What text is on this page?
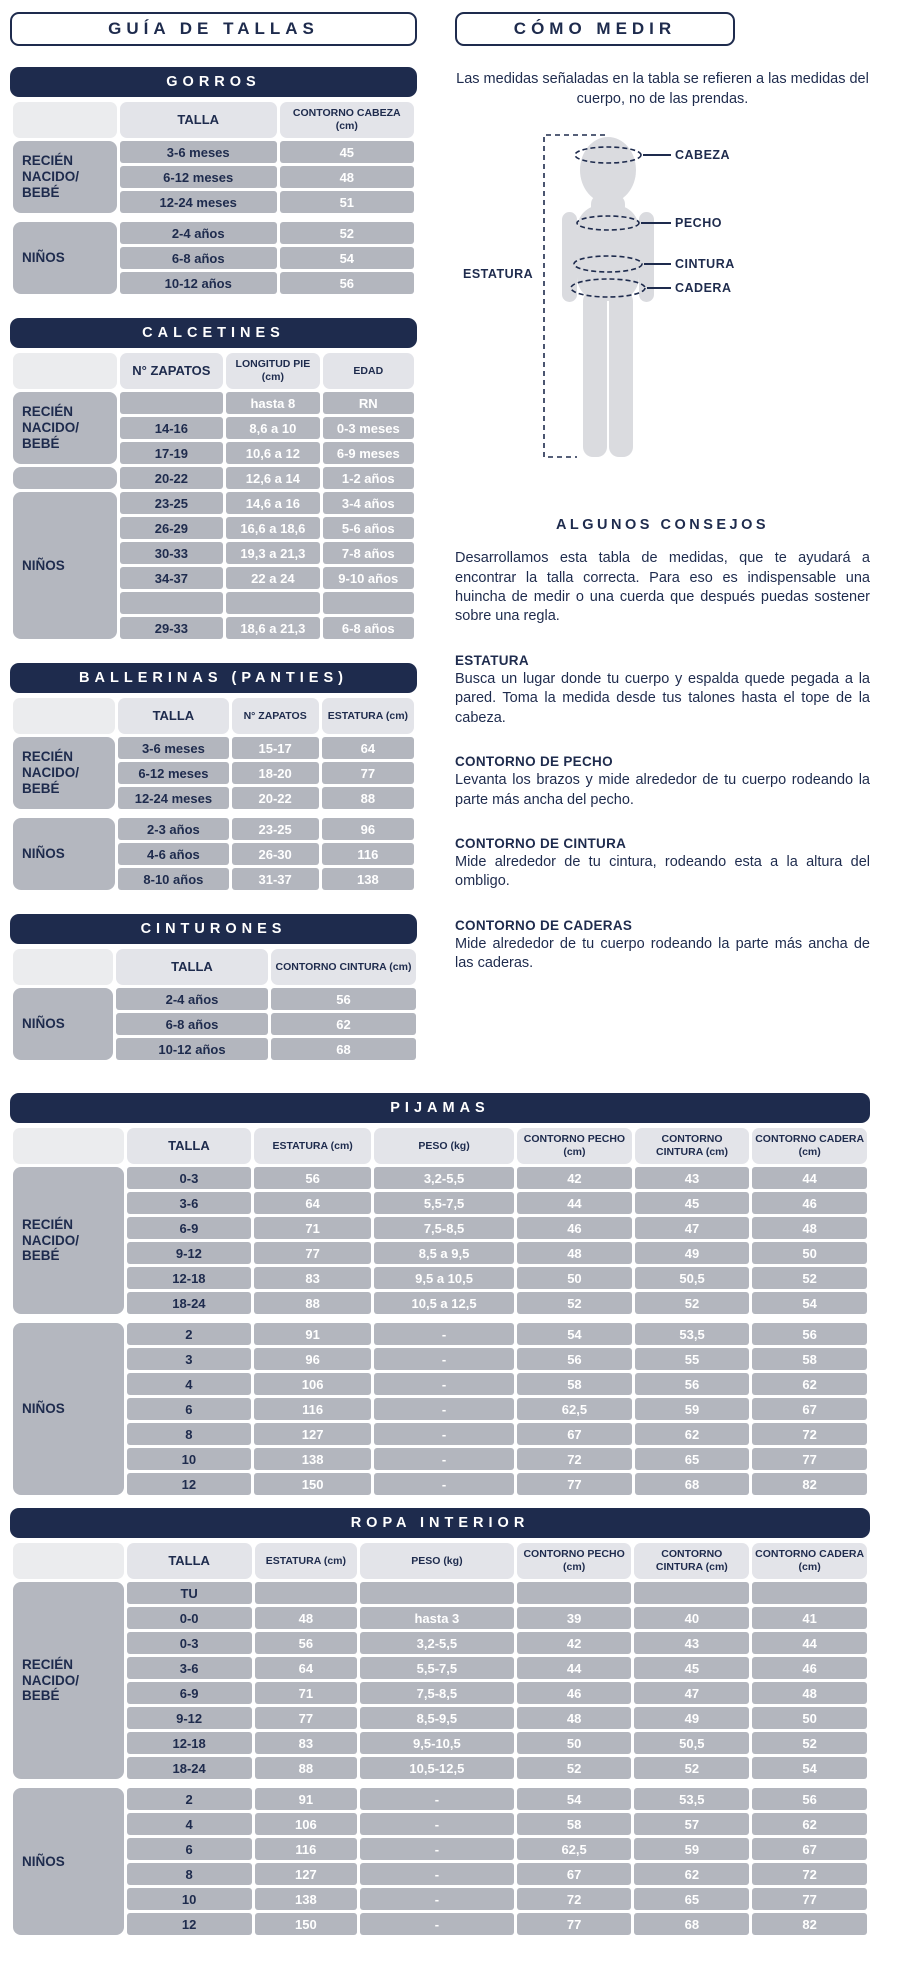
GUÍA DE TALLAS
GORROS
	TALLA	CONTORNO CABEZA (cm)
RECIÉN NACIDO/ BEBÉ	3-6 meses	45
	6-12 meses	48
	12-24 meses	51

NIÑOS	2-4 años	52
	6-8 años	54
	10-12 años	56
CALCETINES
	N° ZAPATOS	LONGITUD PIE (cm)	EDAD
RECIÉN NACIDO/ BEBÉ		hasta 8	RN
	14-16	8,6 a 10	0-3 meses
	17-19	10,6 a 12	6-9 meses
	20-22	12,6 a 14	1-2 años
NIÑOS	23-25	14,6 a 16	3-4 años
	26-29	16,6 a 18,6	5-6 años
	30-33	19,3 a 21,3	7-8 años
	34-37	22 a 24	9-10 años

	29-33	18,6 a 21,3	6-8 años
BALLERINAS (PANTIES)
	TALLA	N° ZAPATOS	ESTATURA (cm)
RECIÉN NACIDO/ BEBÉ	3-6 meses	15-17	64
	6-12 meses	18-20	77
	12-24 meses	20-22	88

NIÑOS	2-3 años	23-25	96
	4-6 años	26-30	116
	8-10 años	31-37	138
CINTURONES
	TALLA	CONTORNO CINTURA (cm)
NIÑOS	2-4 años	56
	6-8 años	62
	10-12 años	68
CÓMO MEDIR

Las medidas señaladas en la tabla se refieren a las medidas del cuerpo, no de las prendas.

CABEZA
PECHO
CINTURA
CADERA
ESTATURA
ALGUNOS CONSEJOS

Desarrollamos esta tabla de medidas, que te ayudará a encontrar la talla correcta. Para eso es indispensable una huincha de medir o una cuerda que después puedas sostener sobre una regla.

ESTATURA

Busca un lugar donde tu cuerpo y espalda quede pegada a la pared. Toma la medida desde tus talones hasta el tope de la cabeza.

CONTORNO DE PECHO

Levanta los brazos y mide alrededor de tu cuerpo rodeando la parte más ancha del pecho.

CONTORNO DE CINTURA

Mide alrededor de tu cintura, rodeando esta a la altura del ombligo.

CONTORNO DE CADERAS

Mide alrededor de tu cuerpo rodeando la parte más ancha de las caderas.

PIJAMAS
	TALLA	ESTATURA (cm)	PESO (kg)	CONTORNO PECHO (cm)	CONTORNO CINTURA (cm)	CONTORNO CADERA (cm)
RECIÉN NACIDO/ BEBÉ	0-3	56	3,2-5,5	42	43	44
	3-6	64	5,5-7,5	44	45	46
	6-9	71	7,5-8,5	46	47	48
	9-12	77	8,5 a 9,5	48	49	50
	12-18	83	9,5 a 10,5	50	50,5	52
	18-24	88	10,5 a 12,5	52	52	54

NIÑOS	2	91	-	54	53,5	56
	3	96	-	56	55	58
	4	106	-	58	56	62
	6	116	-	62,5	59	67
	8	127	-	67	62	72
	10	138	-	72	65	77
	12	150	-	77	68	82
ROPA INTERIOR
	TALLA	ESTATURA (cm)	PESO (kg)	CONTORNO PECHO (cm)	CONTORNO CINTURA (cm)	CONTORNO CADERA (cm)
RECIÉN NACIDO/ BEBÉ	TU					
	0-0	48	hasta 3	39	40	41
	0-3	56	3,2-5,5	42	43	44
	3-6	64	5,5-7,5	44	45	46
	6-9	71	7,5-8,5	46	47	48
	9-12	77	8,5-9,5	48	49	50
	12-18	83	9,5-10,5	50	50,5	52
	18-24	88	10,5-12,5	52	52	54

NIÑOS	2	91	-	54	53,5	56
	4	106	-	58	57	62
	6	116	-	62,5	59	67
	8	127	-	67	62	72
	10	138	-	72	65	77
	12	150	-	77	68	82
